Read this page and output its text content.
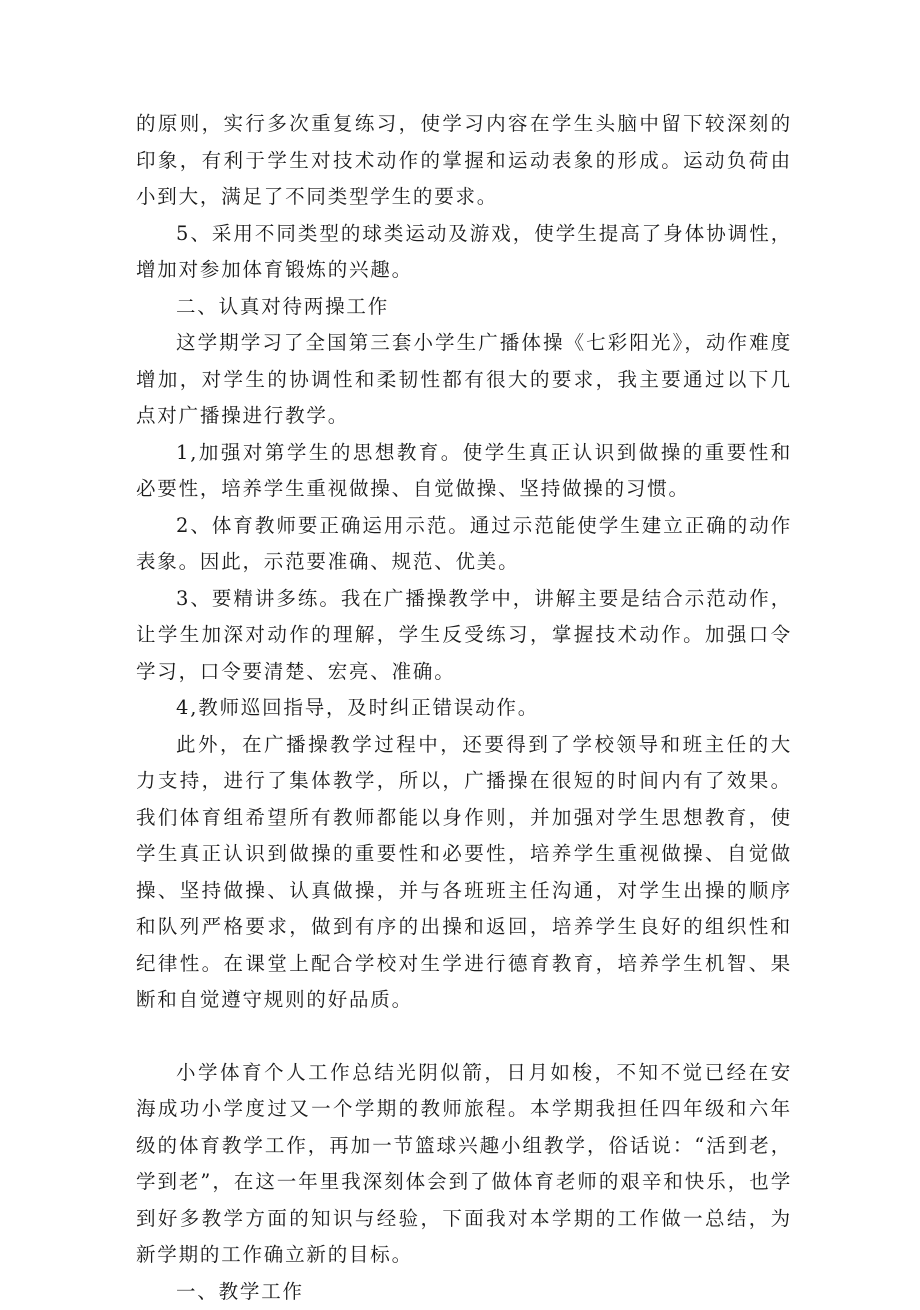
的原则，实行多次重复练习，使学习内容在学生头脑中留下较深刻的印象，有利于学生对技术动作的掌握和运动表象的形成。运动负荷由小到大，满足了不同类型学生的要求。

5、采用不同类型的球类运动及游戏，使学生提高了身体协调性，增加对参加体育锻炼的兴趣。

二、认真对待两操工作

这学期学习了全国第三套小学生广播体操《七彩阳光》，动作难度增加，对学生的协调性和柔韧性都有很大的要求，我主要通过以下几点对广播操进行教学。

1,加强对第学生的思想教育。使学生真正认识到做操的重要性和必要性，培养学生重视做操、自觉做操、坚持做操的习惯。

2、体育教师要正确运用示范。通过示范能使学生建立正确的动作表象。因此，示范要准确、规范、优美。

3、要精讲多练。我在广播操教学中，讲解主要是结合示范动作，让学生加深对动作的理解，学生反受练习，掌握技术动作。加强口令学习，口令要清楚、宏亮、准确。

4,教师巡回指导，及时纠正错误动作。

此外，在广播操教学过程中，还要得到了学校领导和班主任的大力支持，进行了集体教学，所以，广播操在很短的时间内有了效果。我们体育组希望所有教师都能以身作则，并加强对学生思想教育，使学生真正认识到做操的重要性和必要性，培养学生重视做操、自觉做操、坚持做操、认真做操，并与各班班主任沟通，对学生出操的顺序和队列严格要求，做到有序的出操和返回，培养学生良好的组织性和纪律性。在课堂上配合学校对生学进行德育教育，培养学生机智、果断和自觉遵守规则的好品质。

小学体育个人工作总结光阴似箭，日月如梭，不知不觉已经在安海成功小学度过又一个学期的教师旅程。本学期我担任四年级和六年级的体育教学工作，再加一节篮球兴趣小组教学，俗话说：“活到老，学到老”，在这一年里我深刻体会到了做体育老师的艰辛和快乐，也学到好多教学方面的知识与经验，下面我对本学期的工作做一总结，为新学期的工作确立新的目标。

一、教学工作
